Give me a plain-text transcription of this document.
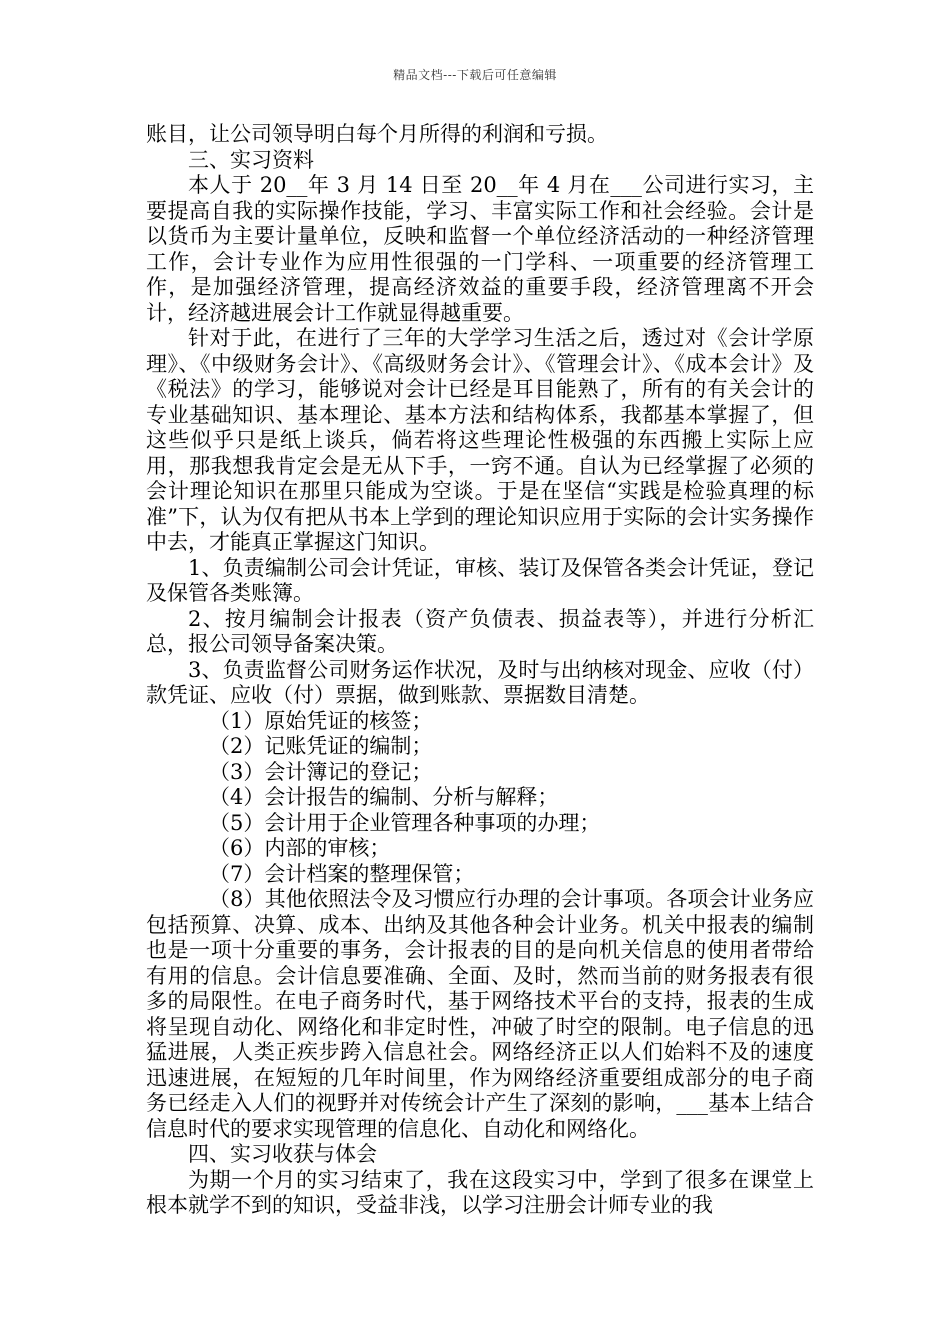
精品文档---下载后可任意编辑

账目，让公司领导明白每个月所得的利润和亏损。

三、实习资料

本人于 20__年 3 月 14 日至 20__年 4 月在___公司进行实习，主要提高自我的实际操作技能，学习、丰富实际工作和社会经验。会计是以货币为主要计量单位，反映和监督一个单位经济活动的一种经济管理工作，会计专业作为应用性很强的一门学科、一项重要的经济管理工作，是加强经济管理，提高经济效益的重要手段，经济管理离不开会计，经济越进展会计工作就显得越重要。

针对于此，在进行了三年的大学学习生活之后，透过对《会计学原理》、《中级财务会计》、《高级财务会计》、《管理会计》、《成本会计》及《税法》的学习，能够说对会计已经是耳目能熟了，所有的有关会计的专业基础知识、基本理论、基本方法和结构体系，我都基本掌握了，但这些似乎只是纸上谈兵，倘若将这些理论性极强的东西搬上实际上应用，那我想我肯定会是无从下手，一窍不通。自认为已经掌握了必须的会计理论知识在那里只能成为空谈。于是在坚信“实践是检验真理的标准”下，认为仅有把从书本上学到的理论知识应用于实际的会计实务操作中去，才能真正掌握这门知识。

1、负责编制公司会计凭证，审核、装订及保管各类会计凭证，登记及保管各类账簿。

2、按月编制会计报表（资产负债表、损益表等），并进行分析汇总，报公司领导备案决策。

3、负责监督公司财务运作状况，及时与出纳核对现金、应收（付）款凭证、应收（付）票据，做到账款、票据数目清楚。

（1）原始凭证的核签；

（2）记账凭证的编制；

（3）会计簿记的登记；

（4）会计报告的编制、分析与解释；

（5）会计用于企业管理各种事项的办理；

（6）内部的审核；

（7）会计档案的整理保管；

（8）其他依照法令及习惯应行办理的会计事项。各项会计业务应包括预算、决算、成本、出纳及其他各种会计业务。机关中报表的编制也是一项十分重要的事务，会计报表的目的是向机关信息的使用者带给有用的信息。会计信息要准确、全面、及时，然而当前的财务报表有很多的局限性。在电子商务时代，基于网络技术平台的支持，报表的生成将呈现自动化、网络化和非定时性，冲破了时空的限制。电子信息的迅猛进展，人类正疾步跨入信息社会。网络经济正以人们始料不及的速度迅速进展，在短短的几年时间里，作为网络经济重要组成部分的电子商务已经走入人们的视野并对传统会计产生了深刻的影响，___基本上结合信息时代的要求实现管理的信息化、自动化和网络化。

四、实习收获与体会

为期一个月的实习结束了，我在这段实习中，学到了很多在课堂上根本就学不到的知识，受益非浅，以学习注册会计师专业的我
